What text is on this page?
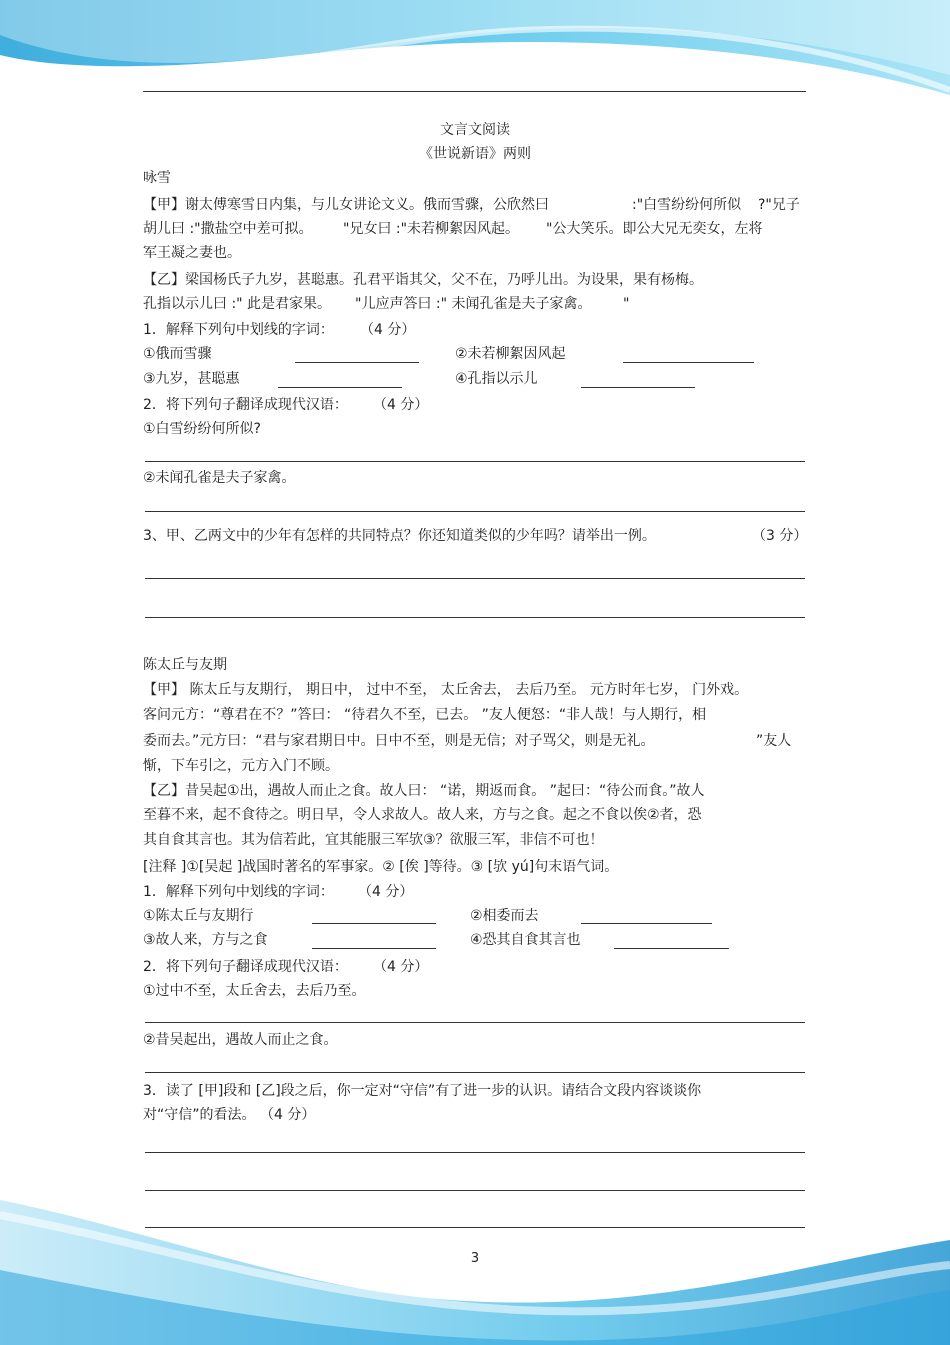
文言文阅读
《世说新语》两则
咏雪
【甲】谢太傅寒雪日内集，与儿女讲论文义。俄而雪骤，公欣然曰	:"白雪纷纷何所似 ?"兄子
胡儿曰 :"撒盐空中差可拟。 "兄女曰 :"未若柳絮因风起。 "公大笑乐。即公大兄无奕女，左将
军王凝之妻也。
【乙】梁国杨氏子九岁，甚聪惠。孔君平诣其父，父不在，乃呼儿出。为设果，果有杨梅。
孔指以示儿曰 :" 此是君家果。 "儿应声答曰 :" 未闻孔雀是夫子家禽。 "
1．解释下列句中划线的字词： （4 分）
①俄而雪骤	②未若柳絮因风起
③九岁，甚聪惠	④孔指以示儿
2．将下列句子翻译成现代汉语： （4 分）
①白雪纷纷何所似?
②未闻孔雀是夫子家禽。
3、甲、乙两文中的少年有怎样的共同特点？你还知道类似的少年吗？请举出一例。	（3 分）
陈太丘与友期
【甲】 陈太丘与友期行， 期日中， 过中不至， 太丘舍去， 去后乃至。 元方时年七岁， 门外戏。
客问元方：“尊君在不？”答曰： “待君久不至，已去。 ”友人便怒：“非人哉！与人期行，相
委而去。”元方曰：“君与家君期日中。日中不至，则是无信；对子骂父，则是无礼。	”友人
惭，下车引之，元方入门不顾。
【乙】昔吴起①出，遇故人而止之食。故人曰： “诺，期返而食。 ”起曰：“待公而食。”故人
至暮不来，起不食待之。明日早，令人求故人。故人来，方与之食。起之不食以俟②者，恐
其自食其言也。其为信若此，宜其能服三军欤③？欲服三军，非信不可也！
[注释 ]①[吴起 ]战国时著名的军事家。② [俟 ]等待。③ [欤 yú]句末语气词。
1．解释下列句中划线的字词： （4 分）
①陈太丘与友期行	②相委而去
③故人来，方与之食	④恐其自食其言也
2．将下列句子翻译成现代汉语： （4 分）
①过中不至，太丘舍去，去后乃至。
②昔吴起出，遇故人而止之食。
3．读了 [甲]段和 [乙]段之后，你一定对“守信”有了进一步的认识。请结合文段内容谈谈你
对“守信”的看法。 （4 分）
3
